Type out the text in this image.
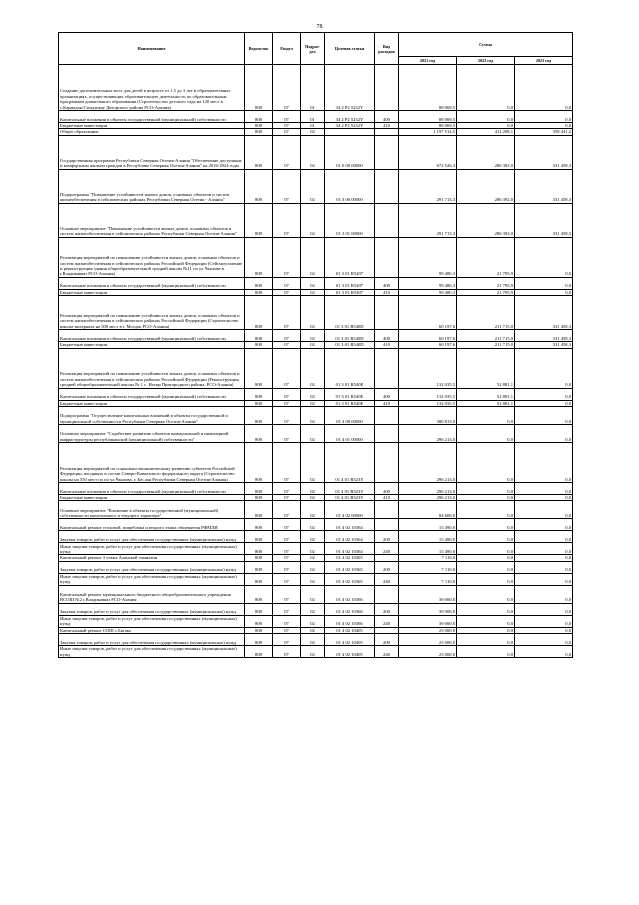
78
Наименование	Ведомство	Раздел	Подраз-
дел	Целевая статья	Вид
расходов	Сумма		
						2021 год	2022 год	2023 год
Создание дополнительных мест для детей в возрасте от 1,5 до 3 лет в образовательных организациях, осуществляющих образовательную деятельность по образовательным программам дошкольного образования (Строительство детского сада на 120 мест в с.Кармадон-Синдзикау Дигорского района РСО-Алания)	808	07	01	34 2 P2 5232Y		88 069,5	0,0	0,0
Капитальные вложения в объекты государственной (муниципальной) собственности	808	07	01	34 2 P2 5232Y	400	88 069,5	0,0	0,0
Бюджетные инвестиции	808	07	01	34 2 P2 5232Y	410	88 069,5	0,0	0,0
Общее образование	808	07	02			1 197 514,5	411 208,1	358 441,2
Государственная программа Республики Северная Осетия-Алания "Обеспечение доступным и комфортным жильем граждан в Республике Северная Осетия-Алания" на 2016-2024 годы	808	07	02	01 0 00 00000		672 526,3	286 392,0	331 458,3
Подпрограмма "Повышение устойчивости жилых домов, основных объектов и систем жизнеобеспечения в сейсмических районах Республики Северная Осетия - Алания"	808	07	02	01 3 00 00000		291 713,3	286 392,0	331 458,3
Основное мероприятие "Повышение устойчивости жилых домов, основных объектов и систем жизнеобеспечения в сейсмических районах Республики Северная Осетия-Алания"	808	07	02	01 3 01 00000		291 713,3	286 392,0	331 458,3
Реализация мероприятий по повышению устойчивости жилых домов, основных объектов и систем жизнеобеспечения в сейсмических районах Российской Федерации (Сейсмоусиление и реконструкция здания общеобразовательной средней школы №11 по ул.Чкалова в г.Владикавказ РСО-Алания)	808	07	02	01 3 01 R5407		99 480,3	21 795,9	0,0
Капитальные вложения в объекты государственной (муниципальной) собственности	808	07	02	01 3 01 R5407	400	99 480,3	21 795,9	0,0
Бюджетные инвестиции	808	07	02	01 3 01 R5407	410	99 480,3	21 795,9	0,0
Реализация мероприятий по повышению устойчивости жилых домов, основных объектов и систем жизнеобеспечения в сейсмических районах Российской Федерации (Строительство школы-интерната на 500 мест в г. Моздок РСО-Алания)	808	07	02	01 3 01 R540D		60 197,6	211 715,0	331 458,3
Капитальные вложения в объекты государственной (муниципальной) собственности	808	07	02	01 3 01 R540D	400	60 197,6	211 715,0	331 458,3
Бюджетные инвестиции	808	07	02	01 3 01 R540D	410	60 197,6	211 715,0	331 458,3
Реализация мероприятий по повышению устойчивости жилых домов, основных объектов и систем жизнеобеспечения в сейсмических районах Российской Федерации (Реконструкция средней общеобразовательной школы № 1 с. Ногир Пригородного района, РСО-Алания)	808	07	02	01 3 01 R540E		132 035,5	52 881,1	0,0
Капитальные вложения в объекты государственной (муниципальной) собственности	808	07	02	01 3 01 R540E	400	132 035,5	52 881,1	0,0
Бюджетные инвестиции	808	07	02	01 3 01 R540E	410	132 035,5	52 881,1	0,0
Подпрограмма "Осуществление капитальных вложений в объекты государственной и муниципальной собственности Республики Северная Осетия-Алания"	808	07	02	01 4 00 00000		380 813,0	0,0	0,0
Основное мероприятие "Содействие развитию объектов коммунальной и инженерной инфраструктуры республиканской (муниципальной) собственности"	808	07	02	01 4 01 00000		296 213,0	0,0	0,0
Реализация мероприятий по социально-экономическому развитию субъектов Российской Федерации, входящих в состав Северо-Кавказского федерального округа (Строительство школы на 550 мест по по ул.Чкалова, г. Беслан Республики Северная Осетия-Алания)	808	07	02	01 4 01 R523Y		296 213,0	0,0	0,0
Капитальные вложения в объекты государственной (муниципальной) собственности	808	07	02	01 4 01 R523Y	400	296 213,0	0,0	0,0
Бюджетные инвестиции	808	07	02	01 4 01 R523Y	410	296 213,0	0,0	0,0
Основное мероприятие "Вложение в объекты государственной (муниципальной) собственности капитального и текущего характера"	808	07	02	01 4 02 00000		84 600,0	0,0	0,0
Капитальный ремонт столовой, пищеблока и второго этажа общежития РФМЛИ	808	07	02	01 4 02 10364		15 490,0	0,0	0,0
Закупка товаров, работ и услуг для обеспечения государственных (муниципальных) нужд	808	07	02	01 4 02 10364	200	15 490,0	0,0	0,0
Иные закупки товаров, работ и услуг для обеспечения государственных (муниципальных) нужд	808	07	02	01 4 02 10364	240	15 490,0	0,0	0,0
Капитальный ремонт 3 этажа Аланской гимназии	808	07	02	01 4 02 10365		7 110,0	0,0	0,0
Закупка товаров, работ и услуг для обеспечения государственных (муниципальных) нужд	808	07	02	01 4 02 10365	200	7 110,0	0,0	0,0
Иные закупки товаров, работ и услуг для обеспечения государственных (муниципальных) нужд	808	07	02	01 4 02 10365	240	7 110,0	0,0	0,0
Капитальный ремонт муниципального бюджетного общеобразовательного учреждения ВСОШ №2 г.Владикавказ РСО-Алания	808	07	02	01 4 02 10366		39 000,0	0,0	0,0
Закупка товаров, работ и услуг для обеспечения государственных (муниципальных) нужд	808	07	02	01 4 02 10366	200	39 000,0	0,0	0,0
Иные закупки товаров, работ и услуг для обеспечения государственных (муниципальных) нужд	808	07	02	01 4 02 10366	240	39 000,0	0,0	0,0
Капитальный ремонт СОШ с.Батако	808	07	02	01 4 02 10405		23 000,0	0,0	0,0
Закупка товаров, работ и услуг для обеспечения государственных (муниципальных) нужд	808	07	02	01 4 02 10405	200	23 000,0	0,0	0,0
Иные закупки товаров, работ и услуг для обеспечения государственных (муниципальных) нужд	808	07	02	01 4 02 10405	240	23 000,0	0,0	0,0
